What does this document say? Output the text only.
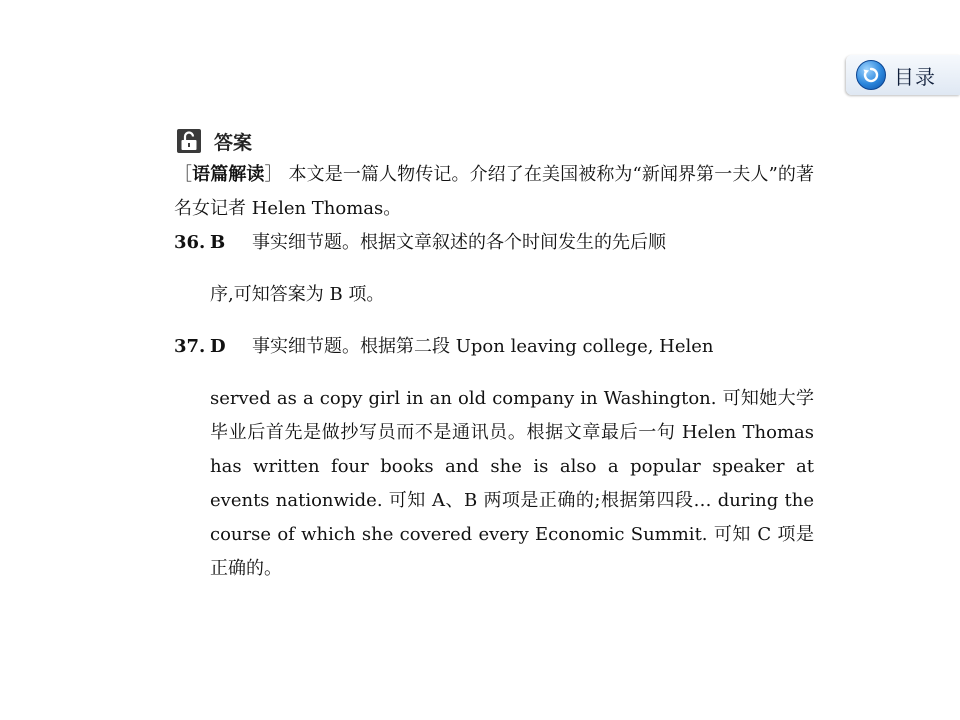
目录
答案

［语篇解读］ 本文是一篇人物传记。介绍了在美国被称为“新闻界第一夫人”的著名女记者 Helen Thomas。

36. B	事实细节题。根据文章叙述的各个时间发生的先后顺

序,可知答案为 B 项。

37. D	事实细节题。根据第二段 Upon leaving college, Helen

served as a copy girl in an old company in Washington. 可知她大学毕业后首先是做抄写员而不是通讯员。根据文章最后一句 Helen Thomas has written four books and she is also a popular speaker at events nationwide. 可知 A、B 两项是正确的;根据第四段… during the course of which she covered every Economic Summit. 可知 C 项是正确的。
